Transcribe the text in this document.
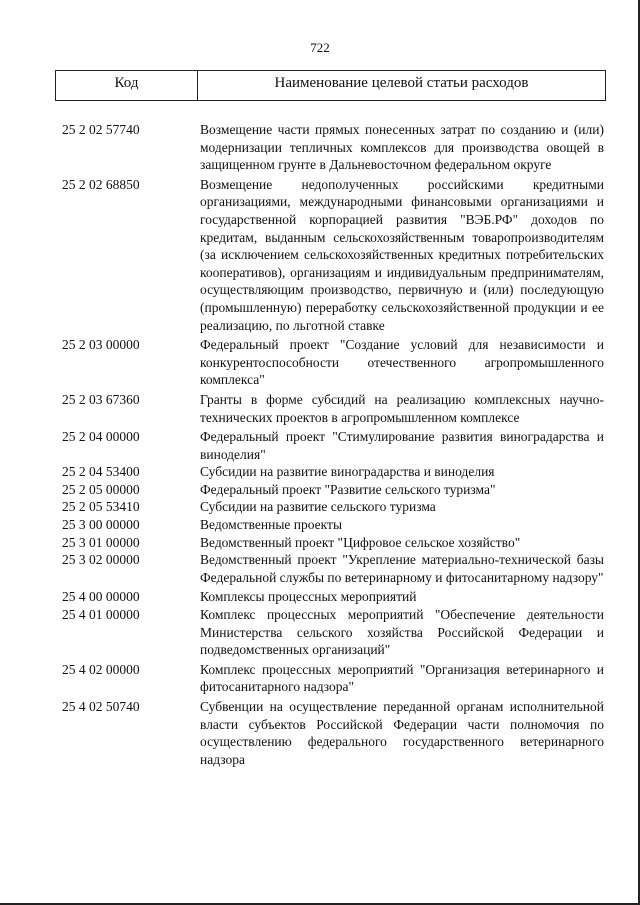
722
Код	Наименование целевой статьи расходов
25 2 02 57740	Возмещение части прямых понесенных затрат по созданию и (или) модернизации тепличных комплексов для производства овощей в защищенном грунте в Дальневосточном федеральном округе
25 2 02 68850	Возмещение недополученных российскими кредитными организациями, международными финансовыми организациями и государственной корпорацией развития "ВЭБ.РФ" доходов по кредитам, выданным сельскохозяйственным товаропроизводителям (за исключением сельскохозяйственных кредитных потребительских кооперативов), организациям и индивидуальным предпринимателям, осуществляющим производство, первичную и (или) последующую (промышленную) переработку сельскохозяйственной продукции и ее реализацию, по льготной ставке
25 2 03 00000	Федеральный проект "Создание условий для независимости и конкурентоспособности отечественного агропромышленного комплекса"
25 2 03 67360	Гранты в форме субсидий на реализацию комплексных научно-технических проектов в агропромышленном комплексе
25 2 04 00000	Федеральный проект "Стимулирование развития виноградарства и виноделия"
25 2 04 53400	Субсидии на развитие виноградарства и виноделия
25 2 05 00000	Федеральный проект "Развитие сельского туризма"
25 2 05 53410	Субсидии на развитие сельского туризма
25 3 00 00000	Ведомственные проекты
25 3 01 00000	Ведомственный проект "Цифровое сельское хозяйство"
25 3 02 00000	Ведомственный проект "Укрепление материально-технической базы Федеральной службы по ветеринарному и фитосанитарному надзору"
25 4 00 00000	Комплексы процессных мероприятий
25 4 01 00000	Комплекс процессных мероприятий "Обеспечение деятельности Министерства сельского хозяйства Российской Федерации и подведомственных организаций"
25 4 02 00000	Комплекс процессных мероприятий "Организация ветеринарного и фитосанитарного надзора"
25 4 02 50740	Субвенции на осуществление переданной органам исполнительной власти субъектов Российской Федерации части полномочия по осуществлению федерального государственного ветеринарного надзора
